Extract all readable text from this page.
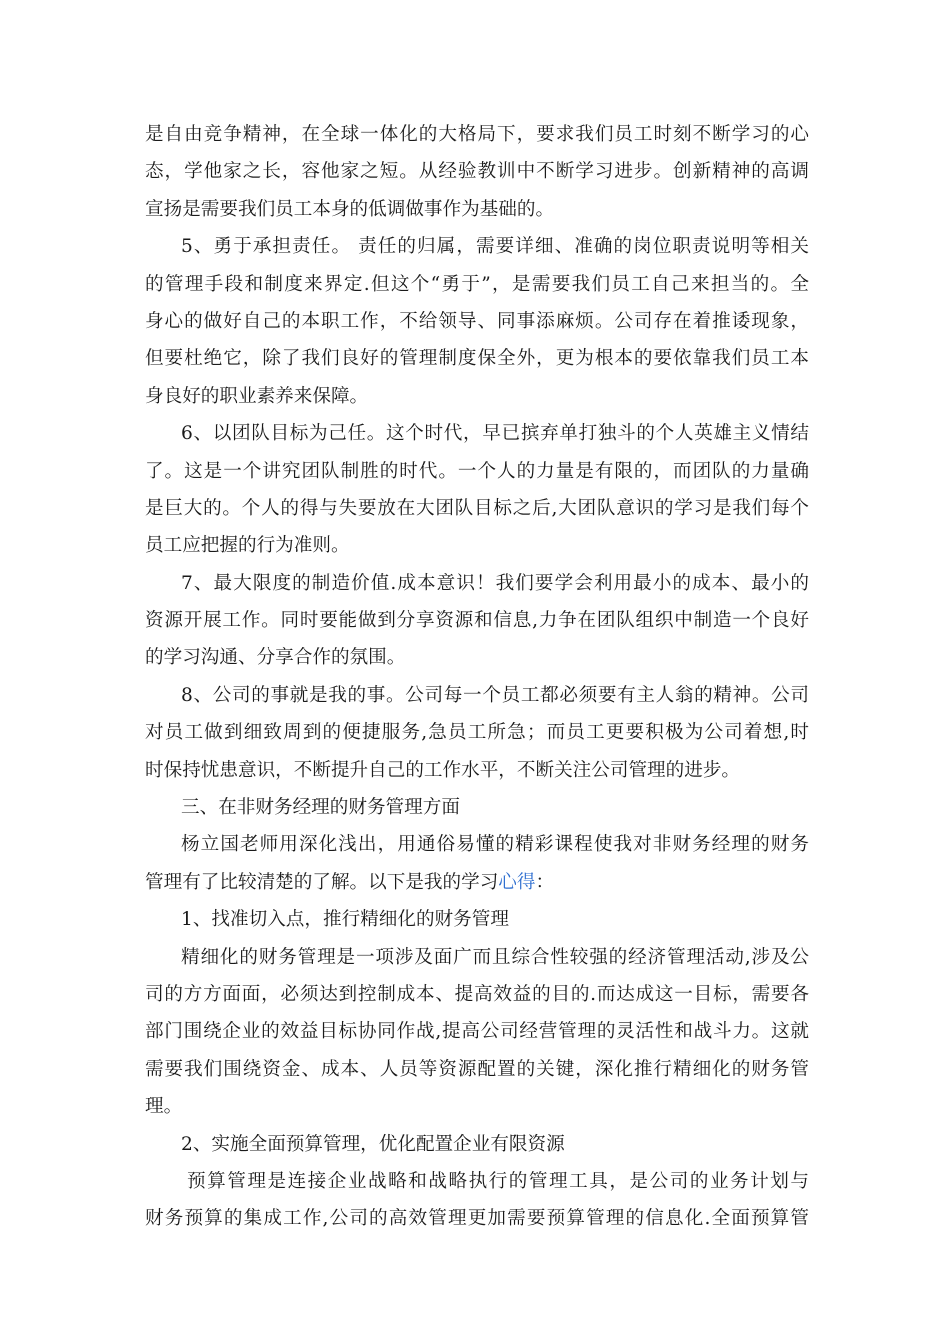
是自由竞争精神，在全球一体化的大格局下，要求我们员工时刻不断学习的心
态，学他家之长，容他家之短。从经验教训中不断学习进步。创新精神的高调
宣扬是需要我们员工本身的低调做事作为基础的。
5、勇于承担责任。 责任的归属，需要详细、准确的岗位职责说明等相关
的管理手段和制度来界定.但这个“勇于”，是需要我们员工自己来担当的。全
身心的做好自己的本职工作，不给领导、同事添麻烦。公司存在着推诿现象，
但要杜绝它，除了我们良好的管理制度保全外，更为根本的要依靠我们员工本
身良好的职业素养来保障。
6、以团队目标为己任。这个时代，早已摈弃单打独斗的个人英雄主义情结
了。这是一个讲究团队制胜的时代。一个人的力量是有限的，而团队的力量确
是巨大的。个人的得与失要放在大团队目标之后,大团队意识的学习是我们每个
员工应把握的行为准则。
7、最大限度的制造价值.成本意识！我们要学会利用最小的成本、最小的
资源开展工作。同时要能做到分享资源和信息,力争在团队组织中制造一个良好
的学习沟通、分享合作的氛围。
8、公司的事就是我的事。公司每一个员工都必须要有主人翁的精神。公司
对员工做到细致周到的便捷服务,急员工所急；而员工更要积极为公司着想,时
时保持忧患意识，不断提升自己的工作水平，不断关注公司管理的进步。
三、在非财务经理的财务管理方面
杨立国老师用深化浅出，用通俗易懂的精彩课程使我对非财务经理的财务
管理有了比较清楚的了解。以下是我的学习心得：
1、找准切入点，推行精细化的财务管理
精细化的财务管理是一项涉及面广而且综合性较强的经济管理活动,涉及公
司的方方面面，必须达到控制成本、提高效益的目的.而达成这一目标，需要各
部门围绕企业的效益目标协同作战,提高公司经营管理的灵活性和战斗力。这就
需要我们围绕资金、成本、人员等资源配置的关键，深化推行精细化的财务管
理。
2、实施全面预算管理，优化配置企业有限资源
预算管理是连接企业战略和战略执行的管理工具，是公司的业务计划与
财务预算的集成工作,公司的高效管理更加需要预算管理的信息化.全面预算管
